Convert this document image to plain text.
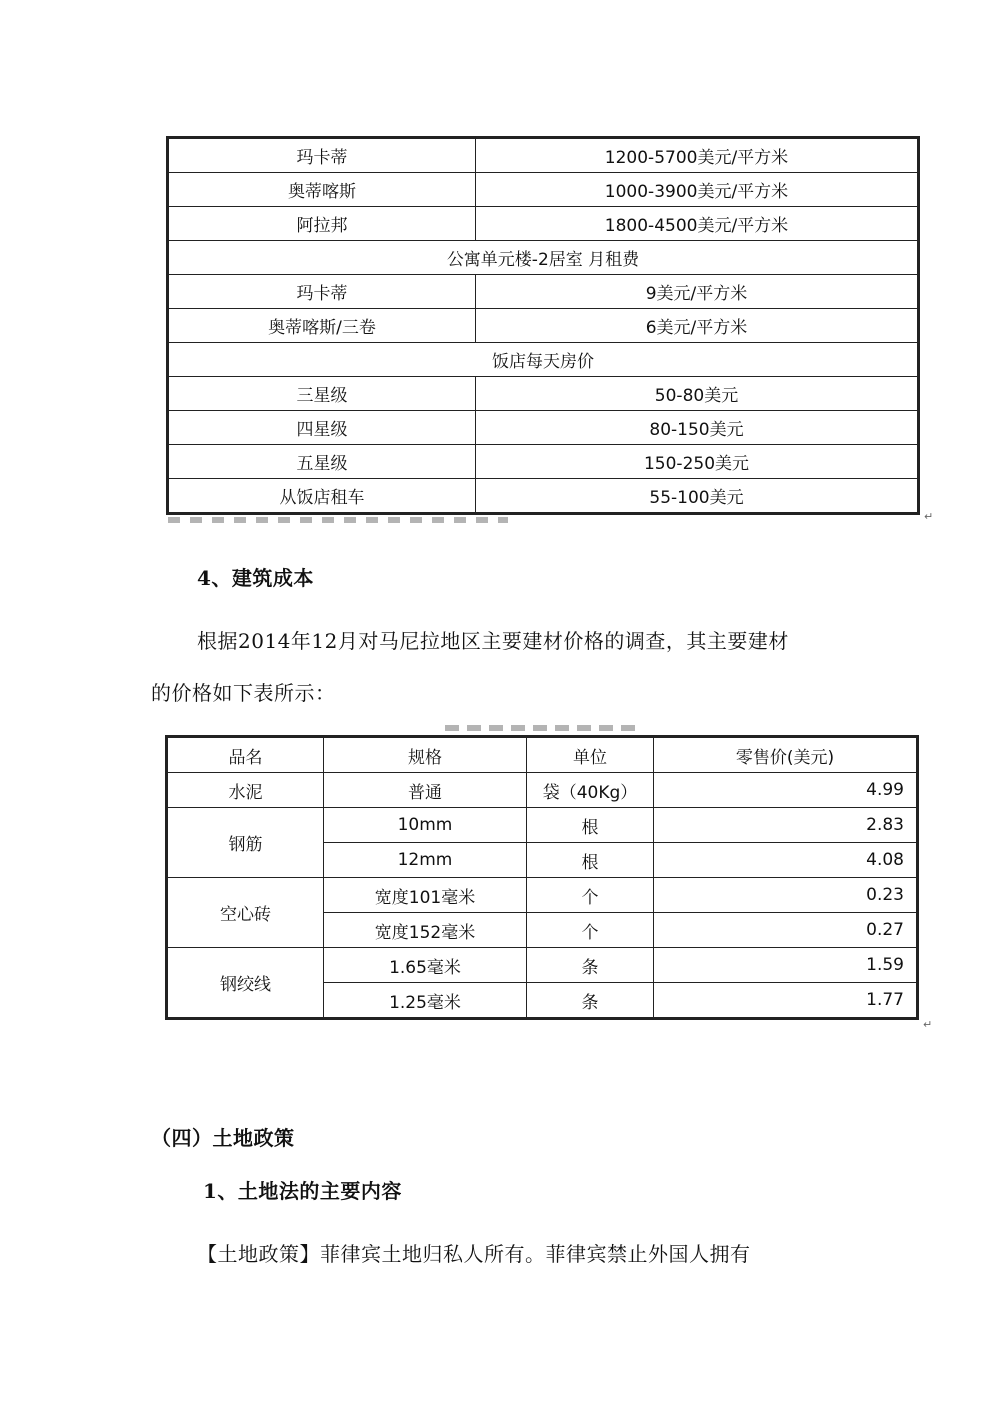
玛卡蒂	1200-5700美元/平方米
奥蒂喀斯	1000-3900美元/平方米
阿拉邦	1800-4500美元/平方米
公寓单元楼-2居室 月租费	
玛卡蒂	9美元/平方米
奥蒂喀斯/三卷	6美元/平方米
饭店每天房价	
三星级	50-80美元
四星级	80-150美元
五星级	150-250美元
从饭店租车	55-100美元
↵
4、建筑成本
根据2014年12月对马尼拉地区主要建材价格的调查，其主要建材
的价格如下表所示：
品名	规格	单位	零售价(美元)
水泥	普通	袋（40Kg）	4.99
钢筋	10mm	根	2.83
	12mm	根	4.08
空心砖	宽度101毫米	个	0.23
	宽度152毫米	个	0.27
钢绞线	1.65毫米	条	1.59
	1.25毫米	条	1.77
↵
（四）土地政策
1、土地法的主要内容
【土地政策】菲律宾土地归私人所有。菲律宾禁止外国人拥有
